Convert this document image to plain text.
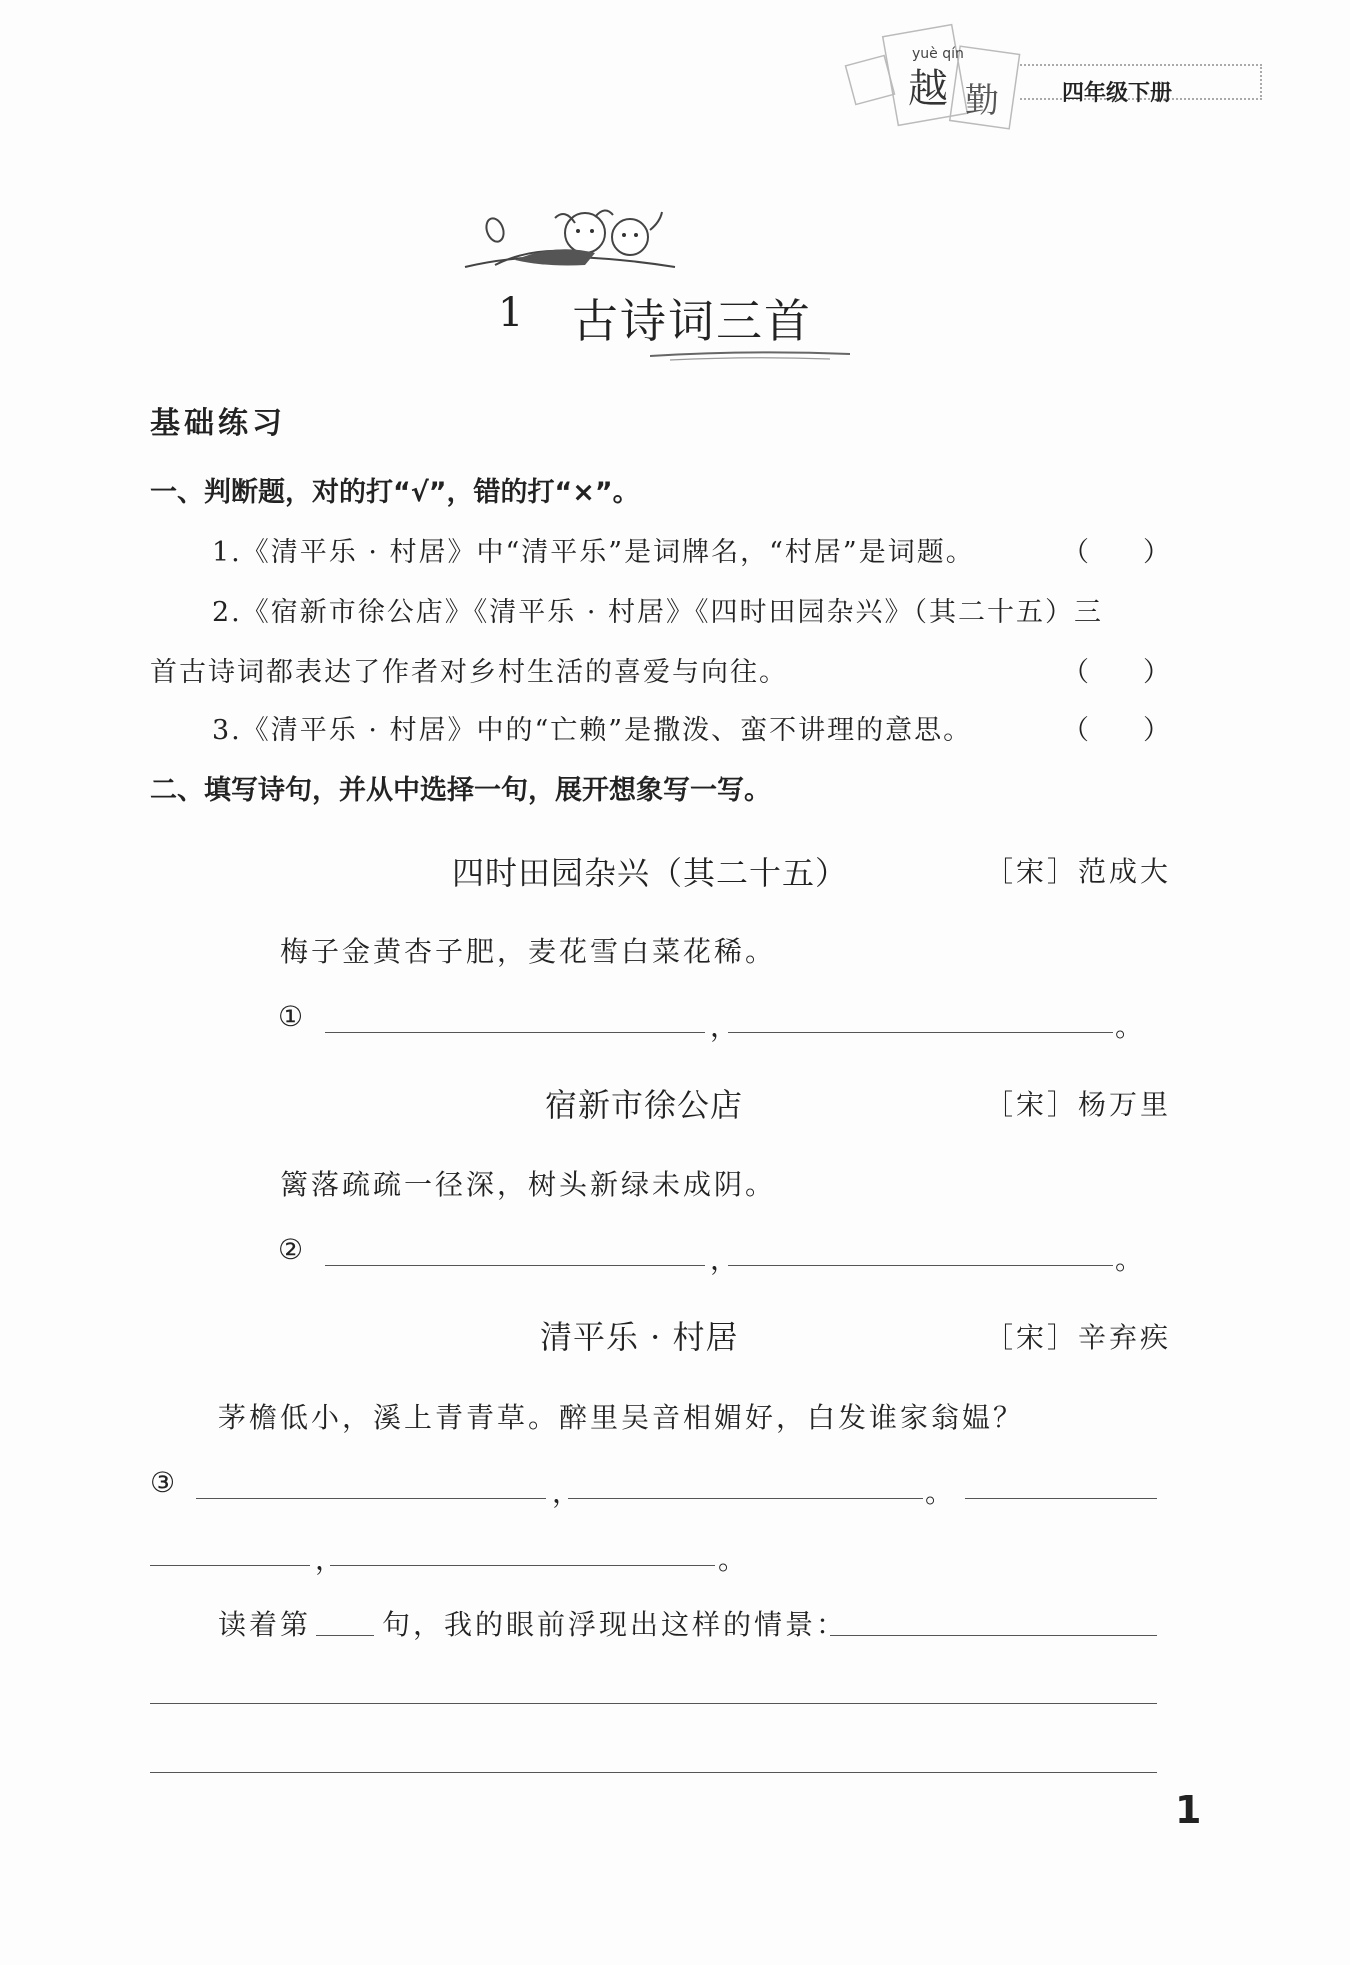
四年级下册
yuè qín
越 勤
1 古诗词三首
基础练习
一、判断题，对的打“√”，错的打“×”。
1.《清平乐 · 村居》中“清平乐”是词牌名，“村居”是词题。	（　　）
2.《宿新市徐公店》《清平乐 · 村居》《四时田园杂兴》（其二十五）三
首古诗词都表达了作者对乡村生活的喜爱与向往。	（　　）
3.《清平乐 · 村居》中的“亡赖”是撒泼、蛮不讲理的意思。	（　　）
二、填写诗句，并从中选择一句，展开想象写一写。
四时田园杂兴（其二十五）	［宋］范成大
梅子金黄杏子肥，麦花雪白菜花稀。
①	，	。
宿新市徐公店	［宋］杨万里
篱落疏疏一径深，树头新绿未成阴。
②	，	。
清平乐 · 村居	［宋］辛弃疾
茅檐低小，溪上青青草。醉里吴音相媚好，白发谁家翁媪？
③	，	。
，	。
读着第	句，我的眼前浮现出这样的情景：
1
